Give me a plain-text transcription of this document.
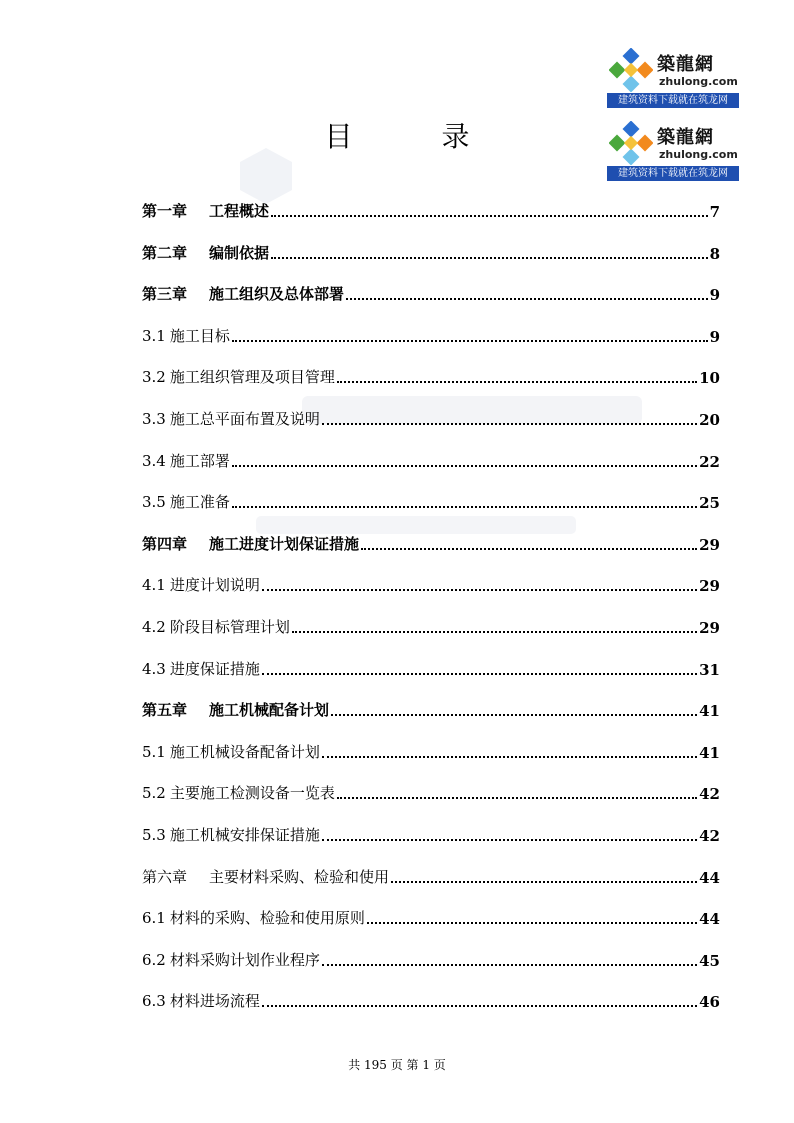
築龍網
zhulong.com
建筑资料下载就在筑龙网
築龍網
zhulong.com
建筑资料下载就在筑龙网
目 录
第一章 工程概述	7
第二章 编制依据	8
第三章 施工组织及总体部署	9
3.1 施工目标	9
3.2 施工组织管理及项目管理	10
3.3 施工总平面布置及说明	20
3.4 施工部署	22
3.5 施工准备	25
第四章 施工进度计划保证措施	29
4.1 进度计划说明	29
4.2 阶段目标管理计划	29
4.3 进度保证措施	31
第五章 施工机械配备计划	41
5.1 施工机械设备配备计划	41
5.2 主要施工检测设备一览表	42
5.3 施工机械安排保证措施	42
第六章 主要材料采购、检验和使用	44
6.1 材料的采购、检验和使用原则	44
6.2 材料采购计划作业程序	45
6.3 材料进场流程	46
共 195 页 第 1 页
